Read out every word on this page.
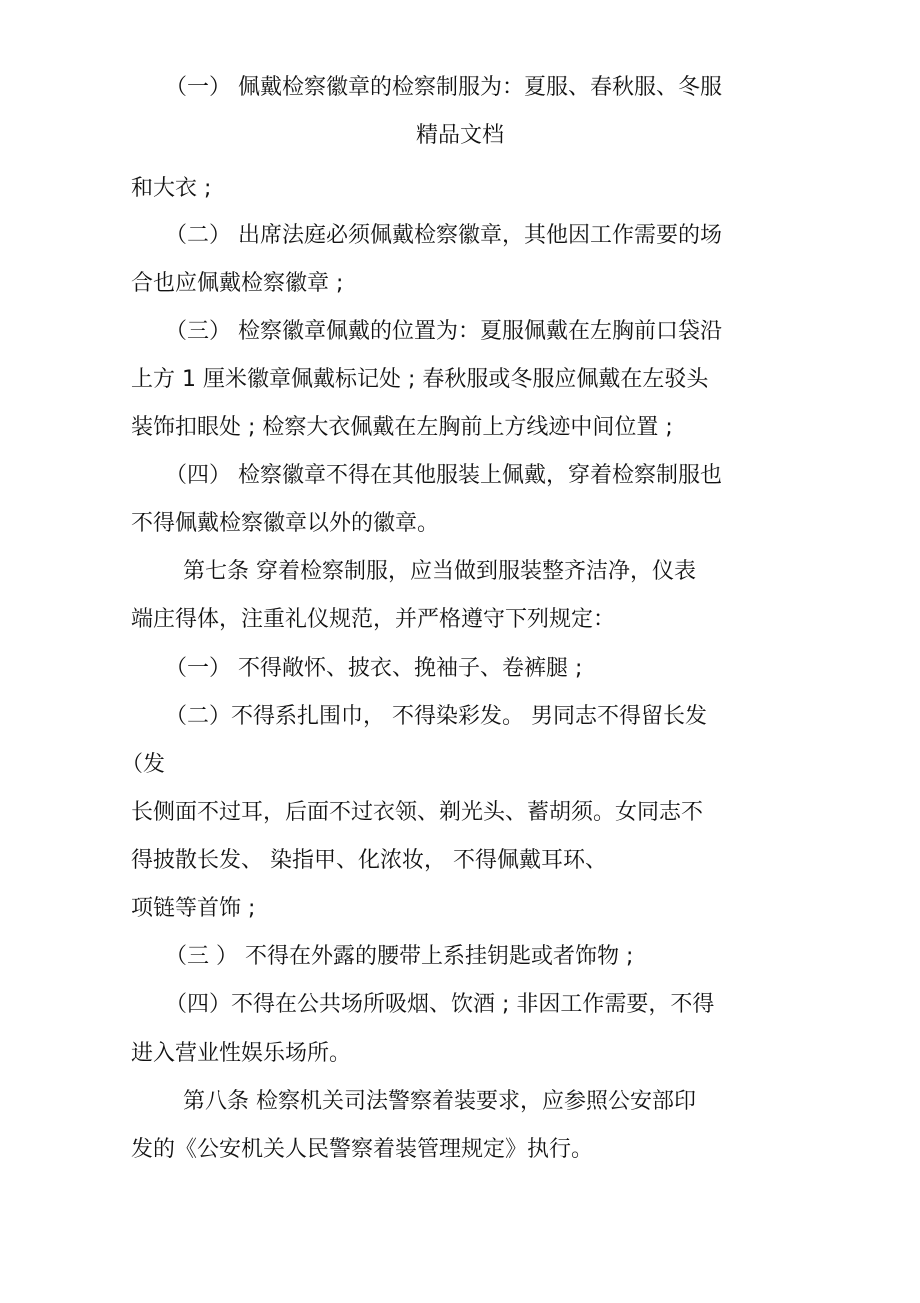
（一） 佩戴检察徽章的检察制服为：夏服、春秋服、冬服
精品文档
和大衣 ;
（二） 出席法庭必须佩戴检察徽章，其他因工作需要的场
合也应佩戴检察徽章 ;
（三） 检察徽章佩戴的位置为：夏服佩戴在左胸前口袋沿
上方 1 厘米徽章佩戴标记处 ; 春秋服或冬服应佩戴在左驳头
装饰扣眼处 ; 检察大衣佩戴在左胸前上方线迹中间位置 ;
（四） 检察徽章不得在其他服装上佩戴，穿着检察制服也
不得佩戴检察徽章以外的徽章。
第七条 穿着检察制服，应当做到服装整齐洁净，仪表
端庄得体，注重礼仪规范，并严格遵守下列规定：
（一） 不得敞怀、披衣、挽袖子、卷裤腿 ;
（二）不得系扎围巾， 不得染彩发。 男同志不得留长发
（发
长侧面不过耳，后面不过衣领、剃光头、蓄胡须。女同志不
得披散长发、 染指甲、化浓妆， 不得佩戴耳环、
项链等首饰 ;
（三 ） 不得在外露的腰带上系挂钥匙或者饰物 ;
（四）不得在公共场所吸烟、饮酒 ; 非因工作需要，不得
进入营业性娱乐场所。
第八条 检察机关司法警察着装要求，应参照公安部印
发的《公安机关人民警察着装管理规定》执行。
